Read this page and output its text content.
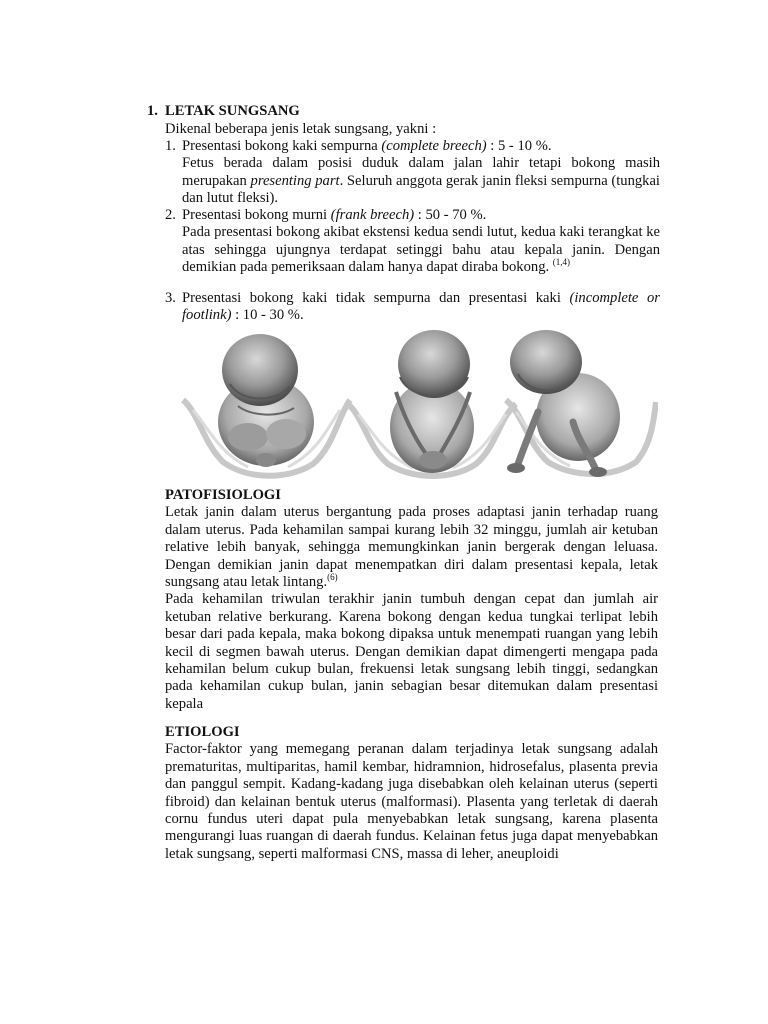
1. LETAK SUNGSANG
Dikenal beberapa jenis letak sungsang, yakni :
1. Presentasi bokong kaki sempurna (complete breech) : 5 - 10 %.

Fetus berada dalam posisi duduk dalam jalan lahir tetapi bokong masih merupakan presenting part. Seluruh anggota gerak janin fleksi sempurna (tungkai dan lutut fleksi).

2. Presentasi bokong murni (frank breech) : 50 - 70 %.

Pada presentasi bokong akibat ekstensi kedua sendi lutut, kedua kaki terangkat ke atas sehingga ujungnya terdapat setinggi bahu atau kepala janin. Dengan demikian pada pemeriksaan dalam hanya dapat diraba bokong. $^{(1,4)}$

3. Presentasi bokong kaki tidak sempurna dan presentasi kaki (incomplete or footlink) : 10 - 30 %.

PATOFISIOLOGI

Letak janin dalam uterus bergantung pada proses adaptasi janin terhadap ruang dalam uterus. Pada kehamilan sampai kurang lebih 32 minggu, jumlah air ketuban relative lebih banyak, sehingga memungkinkan janin bergerak dengan leluasa. Dengan demikian janin dapat menempatkan diri dalam presentasi kepala, letak sungsang atau letak lintang.$^{(6)}$

Pada kehamilan triwulan terakhir janin tumbuh dengan cepat dan jumlah air ketuban relative berkurang. Karena bokong dengan kedua tungkai terlipat lebih besar dari pada kepala, maka bokong dipaksa untuk menempati ruangan yang lebih kecil di segmen bawah uterus. Dengan demikian dapat dimengerti mengapa pada kehamilan belum cukup bulan, frekuensi letak sungsang lebih tinggi, sedangkan pada kehamilan cukup bulan, janin sebagian besar ditemukan dalam presentasi kepala

ETIOLOGI

Factor-faktor yang memegang peranan dalam terjadinya letak sungsang adalah prematuritas, multiparitas, hamil kembar, hidramnion, hidrosefalus, plasenta previa dan panggul sempit. Kadang-kadang juga disebabkan oleh kelainan uterus (seperti fibroid) dan kelainan bentuk uterus (malformasi). Plasenta yang terletak di daerah cornu fundus uteri dapat pula menyebabkan letak sungsang, karena plasenta mengurangi luas ruangan di daerah fundus. Kelainan fetus juga dapat menyebabkan letak sungsang, seperti malformasi CNS, massa di leher, aneuploidi
